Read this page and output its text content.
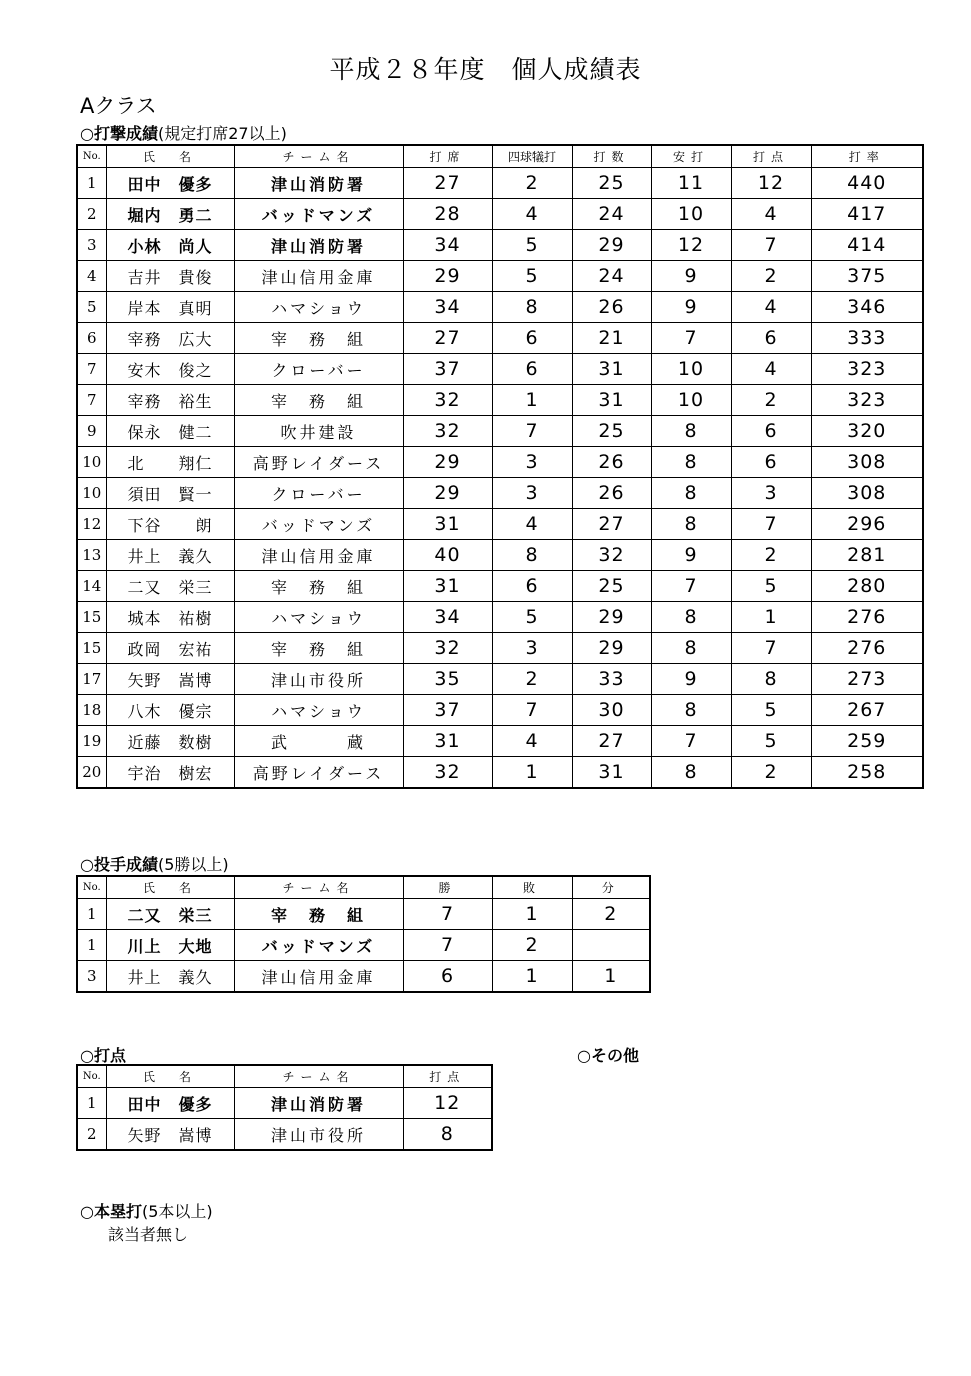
平成２８年度　個人成績表
Aクラス
○打撃成績(規定打席27以上)
No.	氏　名	チーム名	打席	四球犠打	打数	安打	打点	打率
1	田中　優多	津山消防署	27	2	25	11	12	440
2	堀内　勇二	バッドマンズ	28	4	24	10	4	417
3	小林　尚人	津山消防署	34	5	29	12	7	414
4	吉井　貴俊	津山信用金庫	29	5	24	9	2	375
5	岸本　真明	ハマショウ	34	8	26	9	4	346
6	宰務　広大	宰　務　組	27	6	21	7	6	333
7	安木　俊之	クローバー	37	6	31	10	4	323
7	宰務　裕生	宰　務　組	32	1	31	10	2	323
9	保永　健二	吹井建設	32	7	25	8	6	320
10	北　　翔仁	高野レイダース	29	3	26	8	6	308
10	須田　賢一	クローバー	29	3	26	8	3	308
12	下谷　　朗	バッドマンズ	31	4	27	8	7	296
13	井上　義久	津山信用金庫	40	8	32	9	2	281
14	二又　栄三	宰　務　組	31	6	25	7	5	280
15	城本　祐樹	ハマショウ	34	5	29	8	1	276
15	政岡　宏祐	宰　務　組	32	3	29	8	7	276
17	矢野　嵩博	津山市役所	35	2	33	9	8	273
18	八木　優宗	ハマショウ	37	7	30	8	5	267
19	近藤　数樹	武　　　蔵	31	4	27	7	5	259
20	宇治　樹宏	高野レイダース	32	1	31	8	2	258
○投手成績(5勝以上)
No.	氏　名	チーム名	勝	敗	分
1	二又　栄三	宰　務　組	7	1	2
1	川上　大地	バッドマンズ	7	2	
3	井上　義久	津山信用金庫	6	1	1
○打点	○その他
No.	氏　名	チーム名	打点
1	田中　優多	津山消防署	12
2	矢野　嵩博	津山市役所	8
○本塁打(5本以上)
該当者無し
